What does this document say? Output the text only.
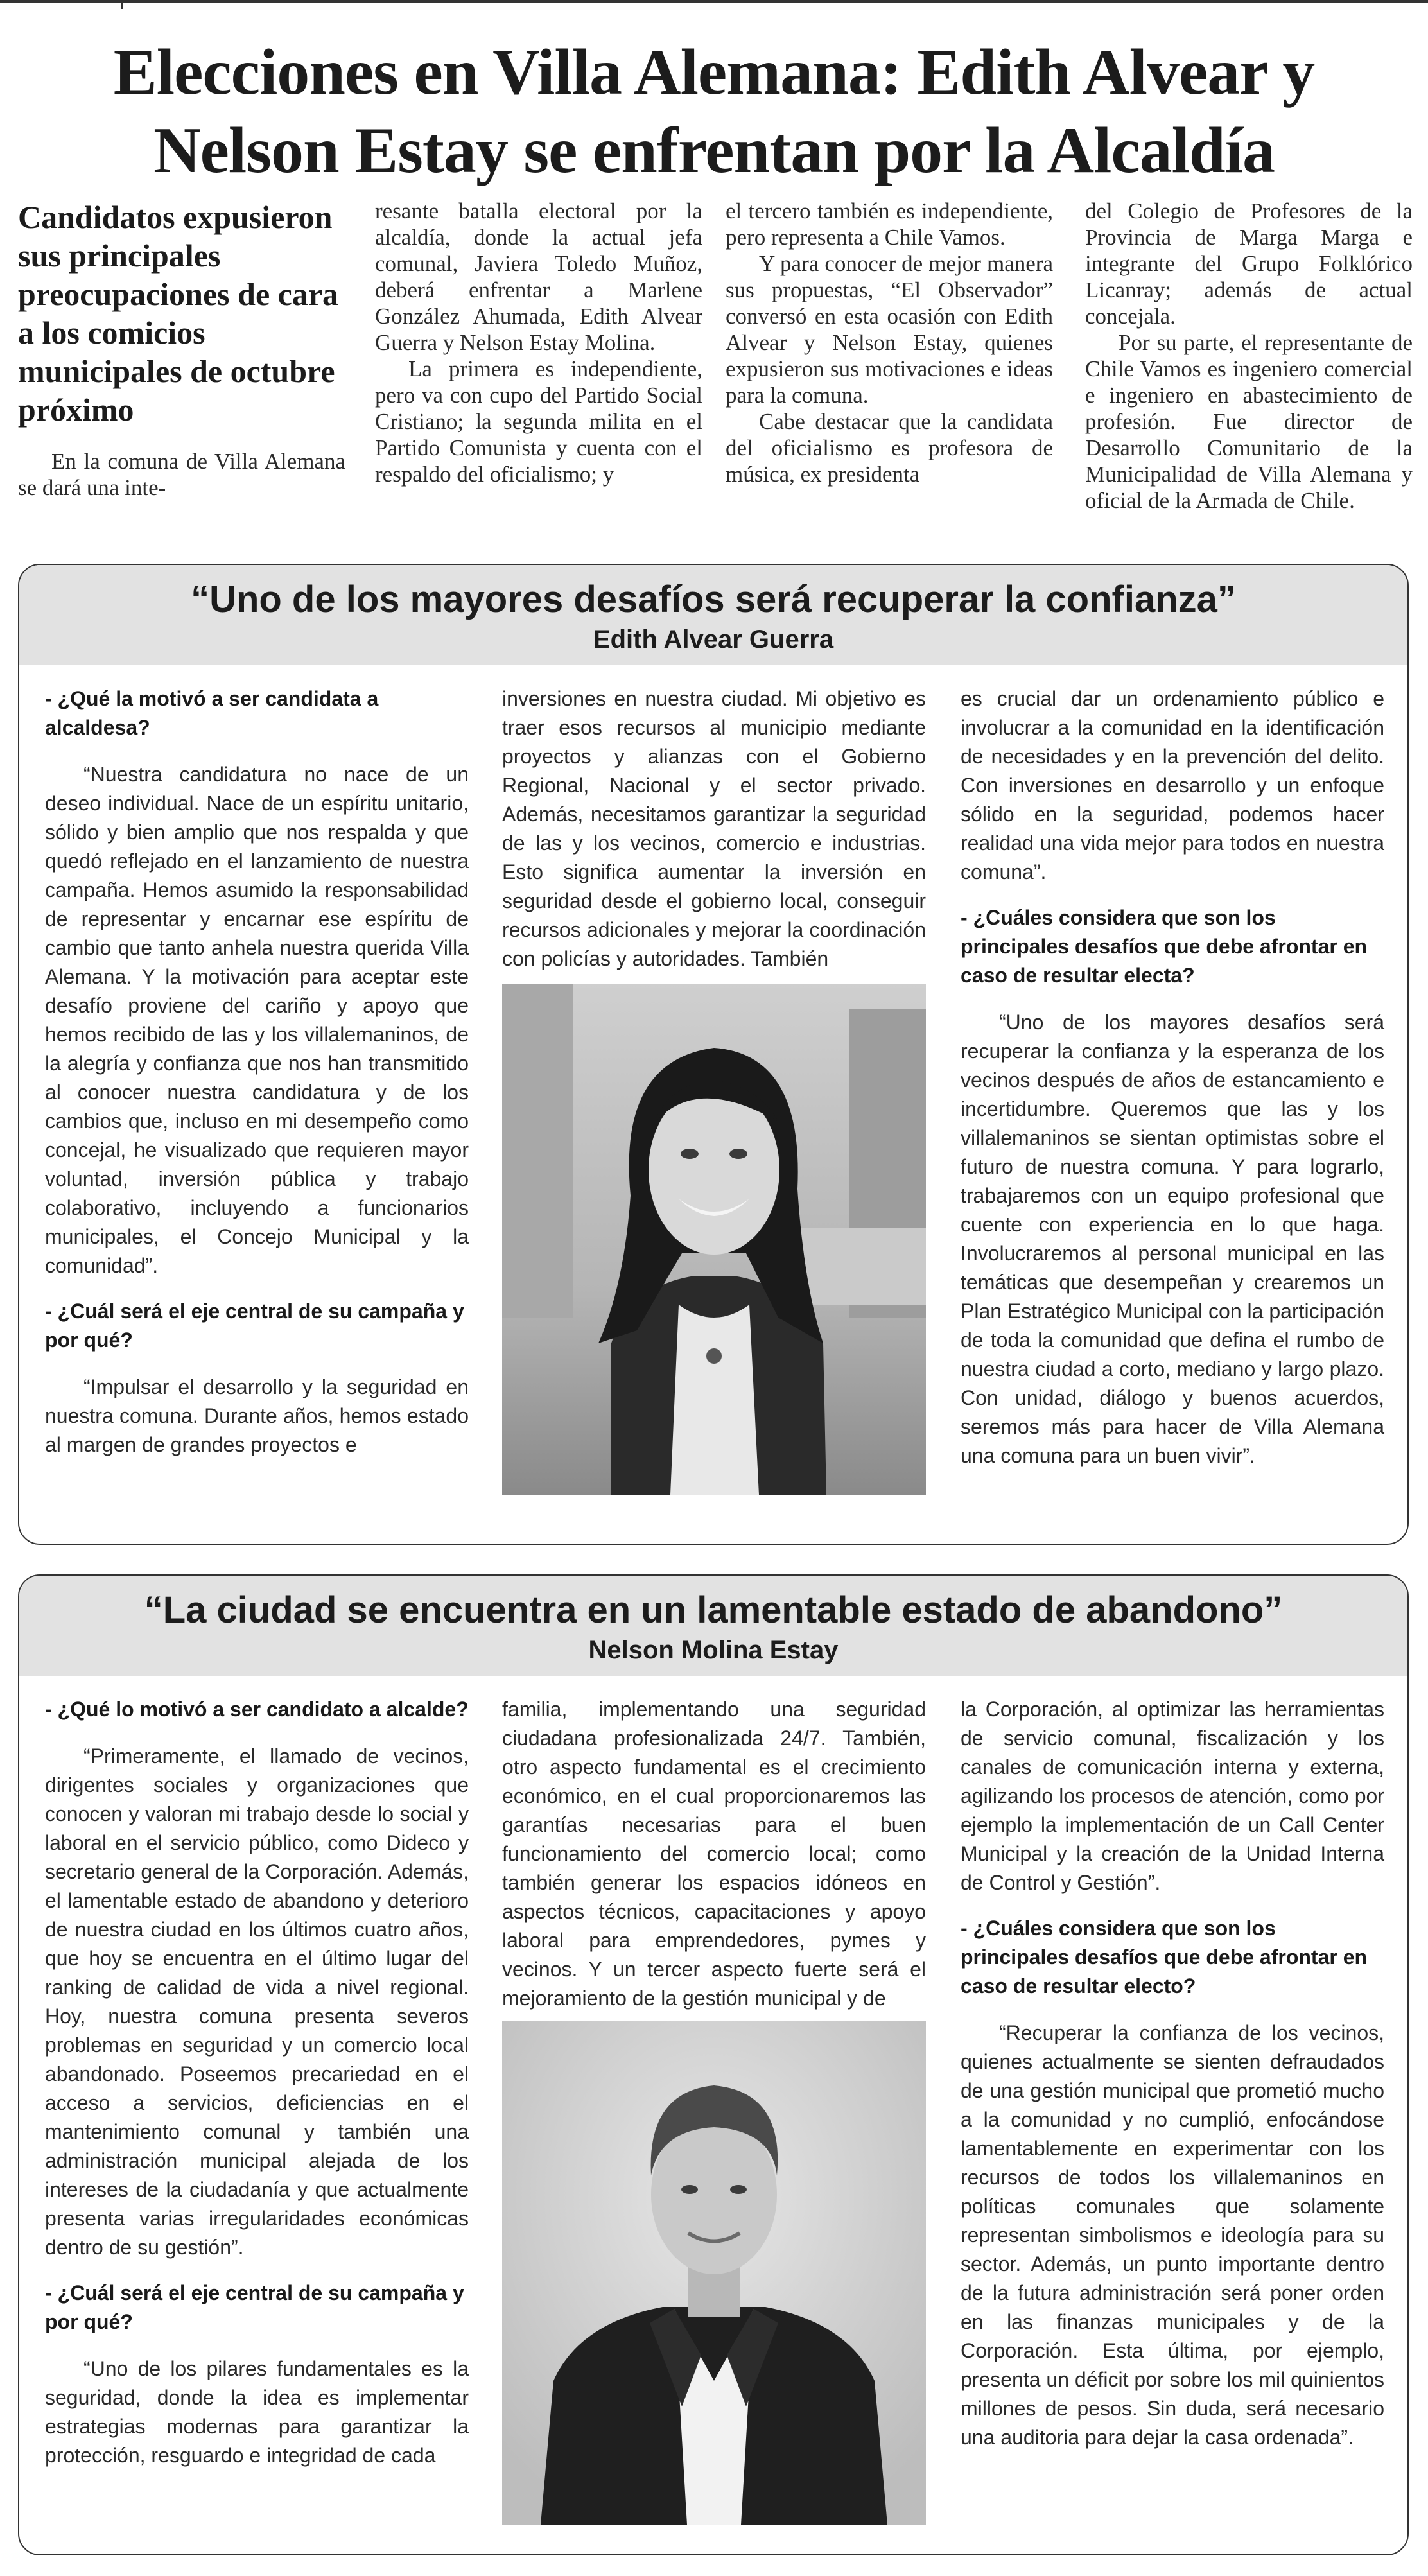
Elecciones en Villa Alemana: Edith Alvear y
Nelson Estay se enfrentan por la Alcaldía
Candidatos expusieron sus principales preocupaciones de cara a los comicios municipales de octubre próximo

En la comuna de Villa Alemana se dará una inte-

resante batalla electoral por la alcaldía, donde la actual jefa comunal, Javiera Toledo Muñoz, deberá enfrentar a Marlene González Ahumada, Edith Alvear Guerra y Nelson Estay Molina.

La primera es independiente, pero va con cupo del Partido Social Cristiano; la segunda milita en el Partido Comunista y cuenta con el respaldo del oficialismo; y

el tercero también es independiente, pero representa a Chile Vamos.

Y para conocer de mejor manera sus propuestas, “El Observador” conversó en esta ocasión con Edith Alvear y Nelson Estay, quienes expusieron sus motivaciones e ideas para la comuna.

Cabe destacar que la candidata del oficialismo es profesora de música, ex presidenta

del Colegio de Profesores de la Provincia de Marga Marga e integrante del Grupo Folklórico Licanray; además de actual concejala.

Por su parte, el representante de Chile Vamos es ingeniero comercial e ingeniero en abastecimiento de profesión. Fue director de Desarrollo Comunitario de la Municipalidad de Villa Alemana y oficial de la Armada de Chile.

“Uno de los mayores desafíos será recuperar la confianza”
Edith Alvear Guerra

- ¿Qué la motivó a ser candidata a alcaldesa?

“Nuestra candidatura no nace de un deseo individual. Nace de un espíritu unitario, sólido y bien amplio que nos respalda y que quedó reflejado en el lanzamiento de nuestra campaña. Hemos asumido la responsabilidad de representar y encarnar ese espíritu de cambio que tanto anhela nuestra querida Villa Alemana. Y la motivación para aceptar este desafío proviene del cariño y apoyo que hemos recibido de las y los villalemaninos, de la alegría y confianza que nos han transmitido al conocer nuestra candidatura y de los cambios que, incluso en mi desempeño como concejal, he visualizado que requieren mayor voluntad, inversión pública y trabajo colaborativo, incluyendo a funcionarios municipales, el Concejo Municipal y la comunidad”.

- ¿Cuál será el eje central de su campaña y por qué?

“Impulsar el desarrollo y la seguridad en nuestra comuna. Durante años, hemos estado al margen de grandes proyectos e

inversiones en nuestra ciudad. Mi objetivo es traer esos recursos al municipio mediante proyectos y alianzas con el Gobierno Regional, Nacional y el sector privado. Además, necesitamos garantizar la seguridad de las y los vecinos, comercio e industrias. Esto significa aumentar la inversión en seguridad desde el gobierno local, conseguir recursos adicionales y mejorar la coordinación con policías y autoridades. También

es crucial dar un ordenamiento público e involucrar a la comunidad en la identificación de necesidades y en la prevención del delito. Con inversiones en desarrollo y un enfoque sólido en la seguridad, podemos hacer realidad una vida mejor para todos en nuestra comuna”.

- ¿Cuáles considera que son los principales desafíos que debe afrontar en caso de resultar electa?

“Uno de los mayores desafíos será recuperar la confianza y la esperanza de los vecinos después de años de estancamiento e incertidumbre. Queremos que las y los villalemaninos se sientan optimistas sobre el futuro de nuestra comuna. Y para lograrlo, trabajaremos con un equipo profesional que cuente con experiencia en lo que haga. Involucraremos al personal municipal en las temáticas que desempeñan y crearemos un Plan Estratégico Municipal con la participación de toda la comunidad que defina el rumbo de nuestra ciudad a corto, mediano y largo plazo. Con unidad, diálogo y buenos acuerdos, seremos más para hacer de Villa Alemana una comuna para un buen vivir”.

“La ciudad se encuentra en un lamentable estado de abandono”
Nelson Molina Estay

- ¿Qué lo motivó a ser candidato a alcalde?

“Primeramente, el llamado de vecinos, dirigentes sociales y organizaciones que conocen y valoran mi trabajo desde lo social y laboral en el servicio público, como Dideco y secretario general de la Corporación. Además, el lamentable estado de abandono y deterioro de nuestra ciudad en los últimos cuatro años, que hoy se encuentra en el último lugar del ranking de calidad de vida a nivel regional. Hoy, nuestra comuna presenta severos problemas en seguridad y un comercio local abandonado. Poseemos precariedad en el acceso a servicios, deficiencias en el mantenimiento comunal y también una administración municipal alejada de los intereses de la ciudadanía y que actualmente presenta varias irregularidades económicas dentro de su gestión”.

- ¿Cuál será el eje central de su campaña y por qué?

“Uno de los pilares fundamentales es la seguridad, donde la idea es implementar estrategias modernas para garantizar la protección, resguardo e integridad de cada

familia, implementando una seguridad ciudadana profesionalizada 24/7. También, otro aspecto fundamental es el crecimiento económico, en el cual proporcionaremos las garantías necesarias para el buen funcionamiento del comercio local; como también generar los espacios idóneos en aspectos técnicos, capacitaciones y apoyo laboral para emprendedores, pymes y vecinos. Y un tercer aspecto fuerte será el mejoramiento de la gestión municipal y de

la Corporación, al optimizar las herramientas de servicio comunal, fiscalización y los canales de comunicación interna y externa, agilizando los procesos de atención, como por ejemplo la implementación de un Call Center Municipal y la creación de la Unidad Interna de Control y Gestión”.

- ¿Cuáles considera que son los principales desafíos que debe afrontar en caso de resultar electo?

“Recuperar la confianza de los vecinos, quienes actualmente se sienten defraudados de una gestión municipal que prometió mucho a la comunidad y no cumplió, enfocándose lamentablemente en experimentar con los recursos de todos los villalemaninos en políticas comunales que solamente representan simbolismos e ideología para su sector. Además, un punto importante dentro de la futura administración será poner orden en las finanzas municipales y de la Corporación. Esta última, por ejemplo, presenta un déficit por sobre los mil quinientos millones de pesos. Sin duda, será necesario una auditoria para dejar la casa ordenada”.
